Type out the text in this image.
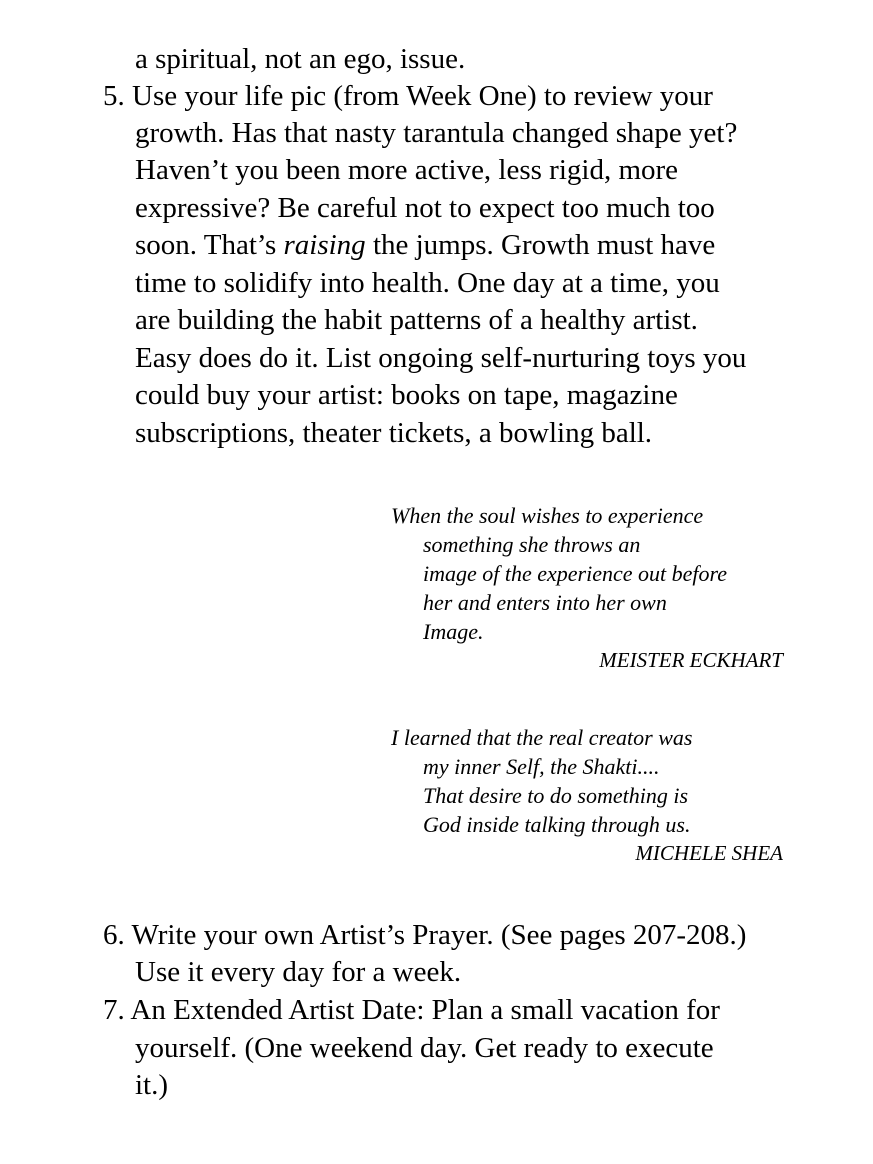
a spiritual, not an ego, issue.
5. Use your life pic (from Week One) to review your
growth. Has that nasty tarantula changed shape yet?
Haven’t you been more active, less rigid, more
expressive? Be careful not to expect too much too
soon. That’s raising the jumps. Growth must have
time to solidify into health. One day at a time, you
are building the habit patterns of a healthy artist.
Easy does do it. List ongoing self-nurturing toys you
could buy your artist: books on tape, magazine
subscriptions, theater tickets, a bowling ball.
When the soul wishes to experience
something she throws an
image of the experience out before
her and enters into her own
Image.
MEISTER ECKHART
I learned that the real creator was
my inner Self, the Shakti....
That desire to do something is
God inside talking through us.
MICHELE SHEA
6. Write your own Artist’s Prayer. (See pages 207-208.)
Use it every day for a week.
7. An Extended Artist Date: Plan a small vacation for
yourself. (One weekend day. Get ready to execute
it.)
